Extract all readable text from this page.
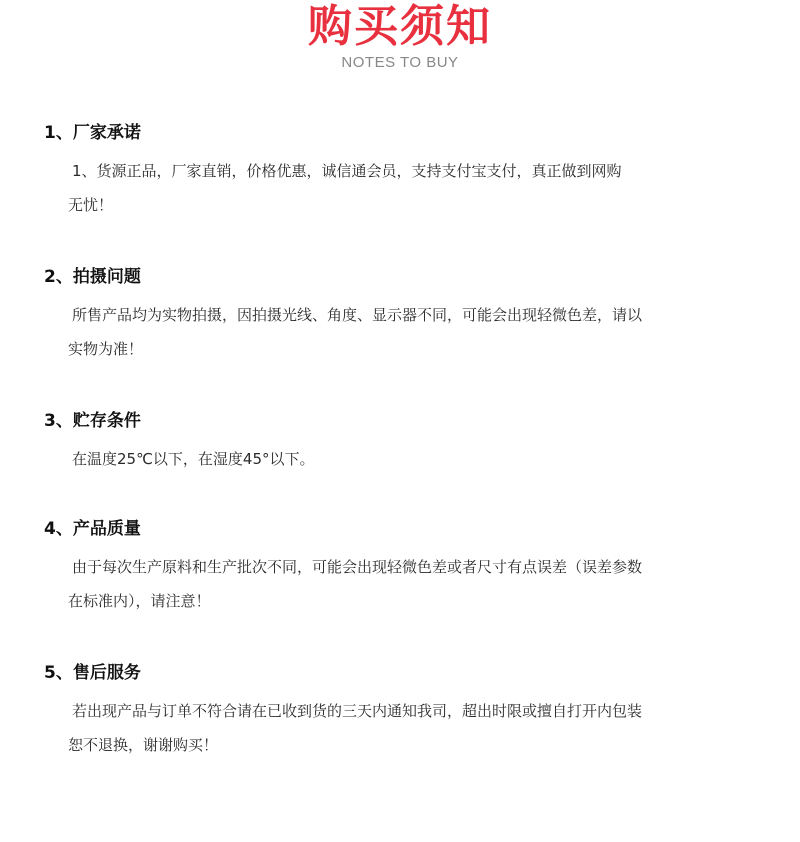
购买须知
NOTES TO BUY
1、厂家承诺
1、货源正品，厂家直销，价格优惠，诚信通会员，支持支付宝支付，真正做到网购
无忧！
2、拍摄问题
所售产品均为实物拍摄，因拍摄光线、角度、显示器不同，可能会出现轻微色差，请以
实物为准！
3、贮存条件
在温度25℃以下，在湿度45°以下。
4、产品质量
由于每次生产原料和生产批次不同，可能会出现轻微色差或者尺寸有点误差（误差参数
在标准内），请注意！
5、售后服务
若出现产品与订单不符合请在已收到货的三天内通知我司，超出时限或擅自打开内包装
恕不退换，谢谢购买！
